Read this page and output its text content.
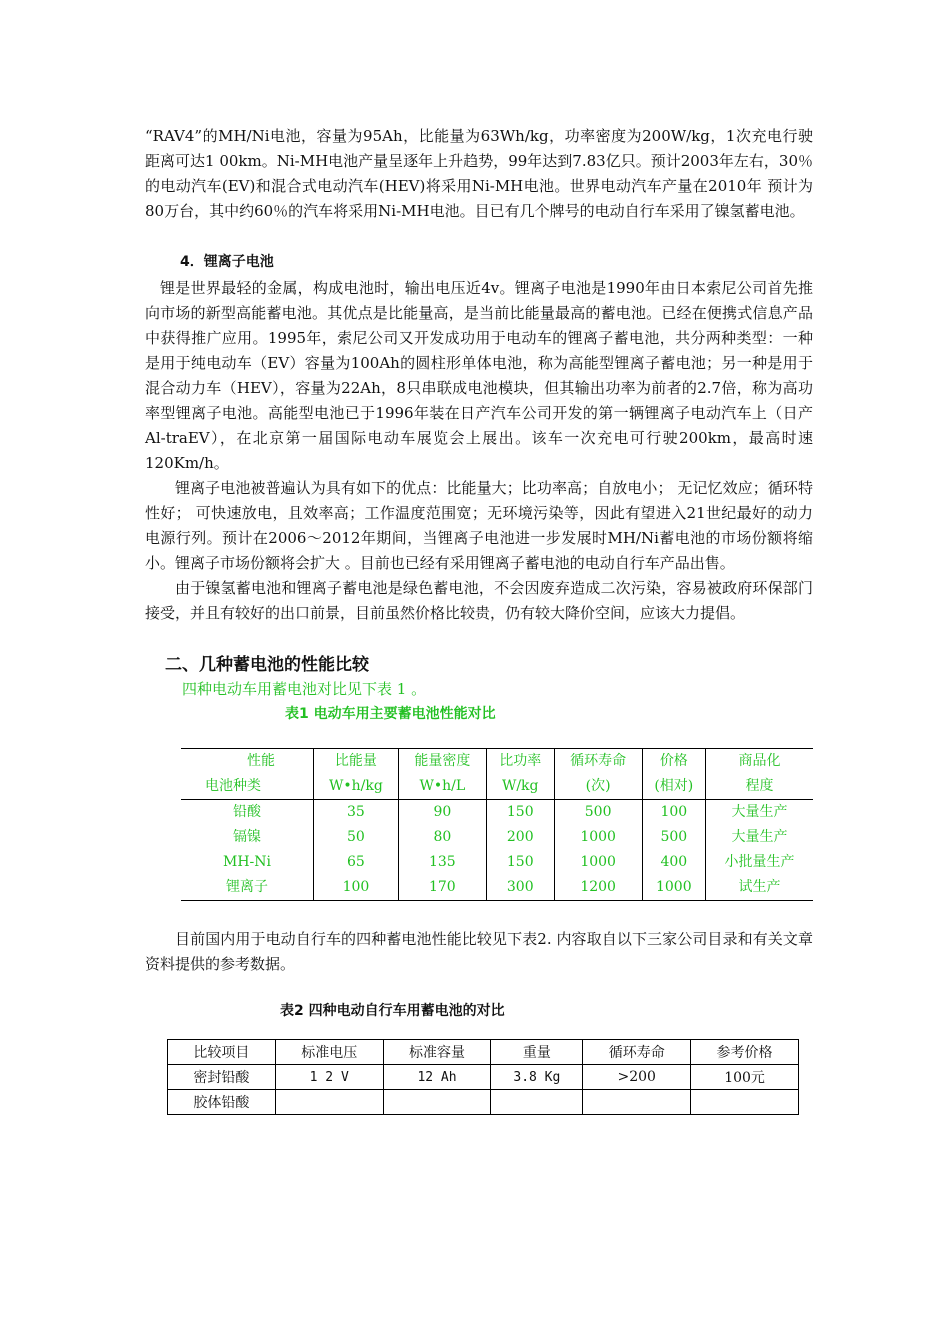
“RAV4”的MH/Ni电池，容量为95Ah，比能量为63Wh/kg，功率密度为200W/kg，1次充电行驶距离可达1 00km。Ni-MH电池产量呈逐年上升趋势，99年达到7.83亿只。预计2003年左右，30％的电动汽车(EV)和混合式电动汽车(HEV)将采用Ni-MH电池。世界电动汽车产量在2010年 预计为80万台，其中约60％的汽车将采用Ni-MH电池。目已有几个牌号的电动自行车采用了镍氢蓄电池。

4．锂离子电池

锂是世界最轻的金属，构成电池时，输出电压近4v。锂离子电池是1990年由日本索尼公司首先推向市场的新型高能蓄电池。其优点是比能量高，是当前比能量最高的蓄电池。已经在便携式信息产品中获得推广应用。1995年，索尼公司又开发成功用于电动车的锂离子蓄电池，共分两种类型：一种是用于纯电动车（EV）容量为100Ah的圆柱形单体电池，称为高能型锂离子蓄电池；另一种是用于混合动力车（HEV），容量为22Ah，8只串联成电池模块，但其输出功率为前者的2.7倍，称为高功率型锂离子电池。高能型电池已于1996年装在日产汽车公司开发的第一辆锂离子电动汽车上（日产Al-traEV），在北京第一届国际电动车展览会上展出。该车一次充电可行驶200km，最高时速120Km/h。

锂离子电池被普遍认为具有如下的优点：比能量大；比功率高；自放电小； 无记忆效应；循环特性好； 可快速放电，且效率高；工作温度范围宽；无环境污染等，因此有望进入21世纪最好的动力电源行列。预计在2006～2012年期间，当锂离子电池进一步发展时MH/Ni蓄电池的市场份额将缩小。锂离子市场份额将会扩大 。目前也已经有采用锂离子蓄电池的电动自行车产品出售。

由于镍氢蓄电池和锂离子蓄电池是绿色蓄电池，不会因废弃造成二次污染，容易被政府环保部门接受，并且有较好的出口前景，目前虽然价格比较贵，仍有较大降价空间，应该大力提倡。

二、几种蓄电池的性能比较
四种电动车用蓄电池对比见下表 1 。
表1 电动车用主要蓄电池性能对比
性能	比能量	能量密度	比功率	循环寿命	价格	商品化
电池种类	W•h/kg	W•h/L	W/kg	(次)	(相对)	程度
铅酸	35	90	150	500	100	大量生产
镉镍	50	80	200	1000	500	大量生产
MH-Ni	65	135	150	1000	400	小批量生产
锂离子	100	170	300	1200	1000	试生产

目前国内用于电动自行车的四种蓄电池性能比较见下表2. 内容取自以下三家公司目录和有关文章资料提供的参考数据。

表2 四种电动自行车用蓄电池的对比
比较项目	标准电压	标准容量	重量	循环寿命	参考价格
密封铅酸	1 2 V	12 Ah	3.8 Kg	>200	100元
胶体铅酸					
